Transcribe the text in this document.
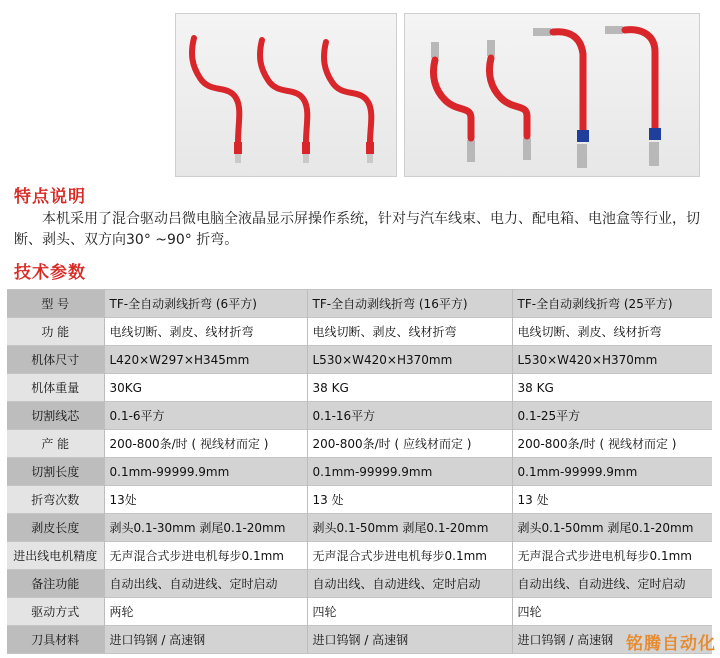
特点说明

本机采用了混合驱动吕微电脑全液晶显示屏操作系统，针对与汽车线束、电力、配电箱、电池盒等行业，切断、剥头、双方向30° ~90° 折弯。

技术参数
型 号	TF-全自动剥线折弯 (6平方)	TF-全自动剥线折弯 (16平方)	TF-全自动剥线折弯 (25平方)
功 能	电线切断、剥皮、线材折弯	电线切断、剥皮、线材折弯	电线切断、剥皮、线材折弯
机体尺寸	L420×W297×H345mm	L530×W420×H370mm	L530×W420×H370mm
机体重量	30KG	38 KG	38 KG
切割线芯	0.1-6平方	0.1-16平方	0.1-25平方
产 能	200-800条/时 ( 视线材而定 )	200-800条/时 ( 应线材而定 )	200-800条/时 ( 视线材而定 )
切割长度	0.1mm-99999.9mm	0.1mm-99999.9mm	0.1mm-99999.9mm
折弯次数	13处	13 处	13 处
剥皮长度	剥头0.1-30mm 剥尾0.1-20mm	剥头0.1-50mm 剥尾0.1-20mm	剥头0.1-50mm 剥尾0.1-20mm
进出线电机精度	无声混合式步进电机每步0.1mm	无声混合式步进电机每步0.1mm	无声混合式步进电机每步0.1mm
备注功能	自动出线、自动进线、定时启动	自动出线、自动进线、定时启动	自动出线、自动进线、定时启动
驱动方式	两轮	四轮	四轮
刀具材料	进口钨钢 / 高速钢	进口钨钢 / 高速钢	进口钨钢 / 高速钢 铭腾自动化
